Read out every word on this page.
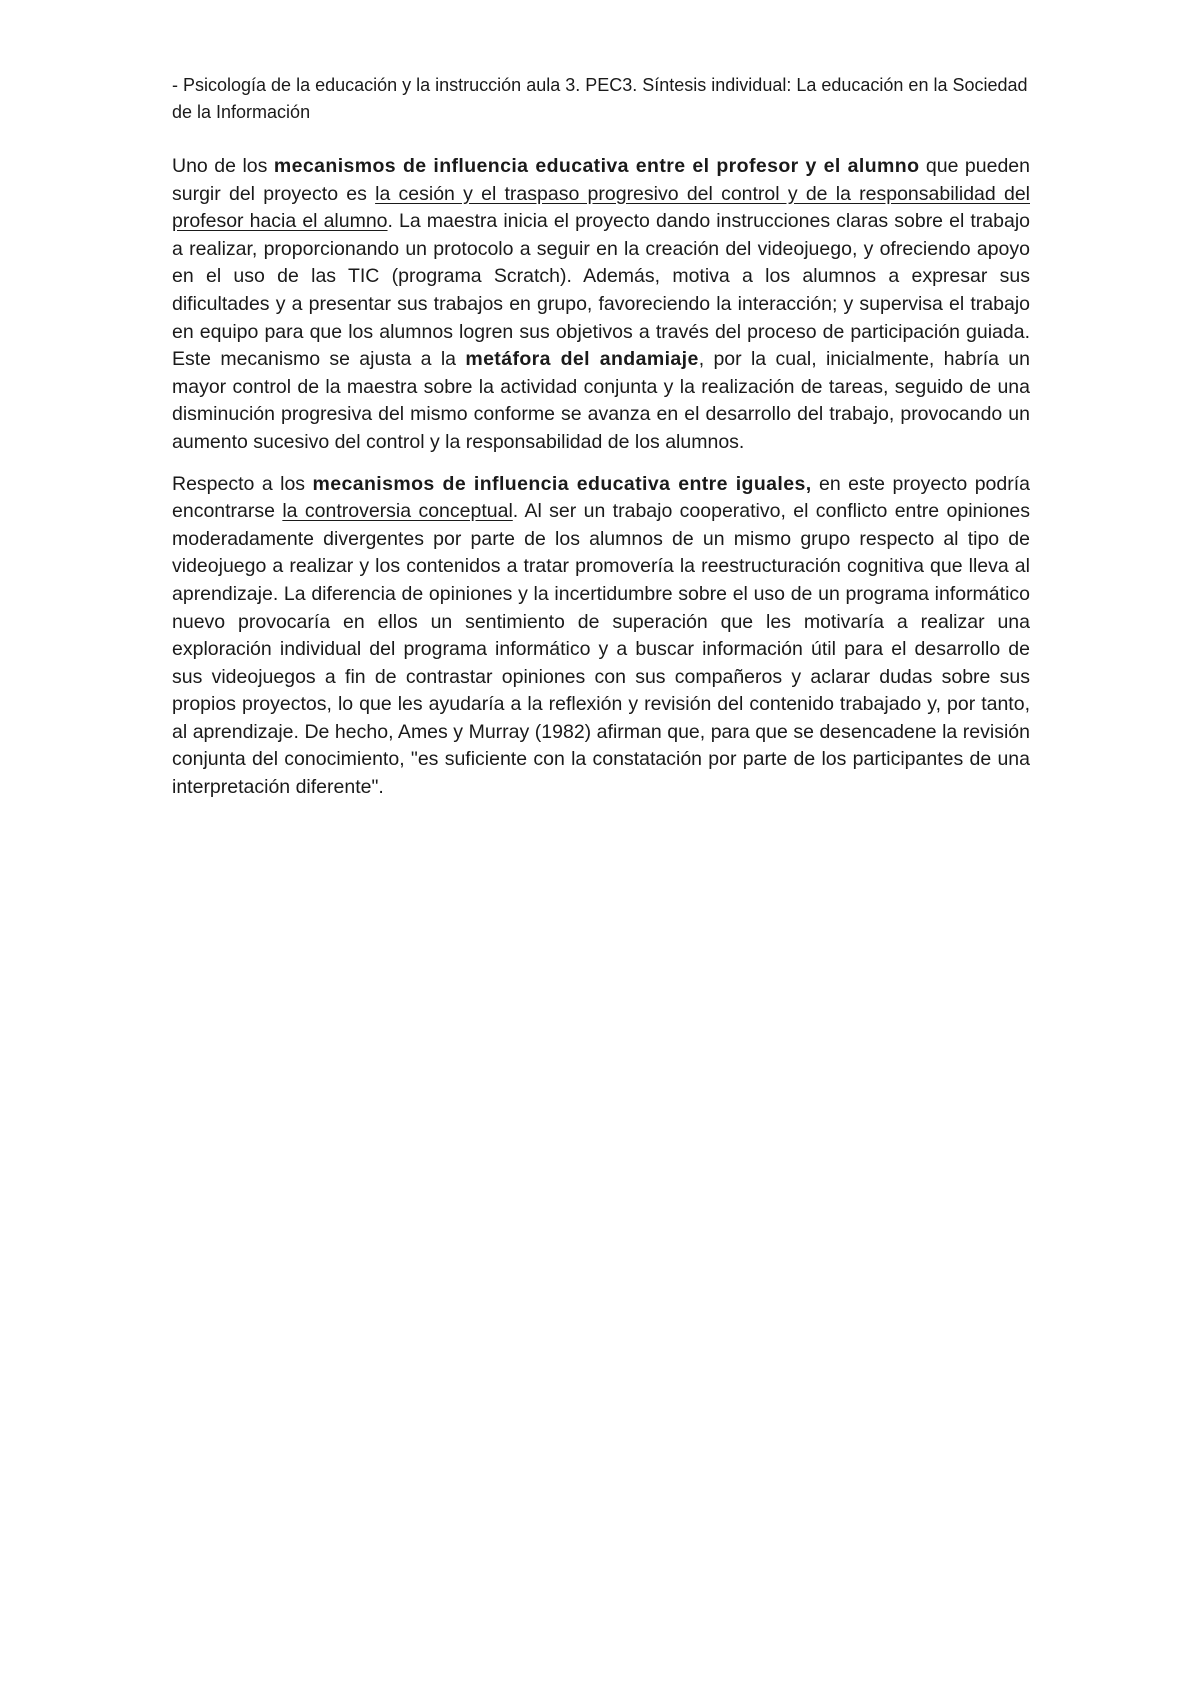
- Psicología de la educación y la instrucción aula 3. PEC3. Síntesis individual: La educación en la Sociedad de la Información

Uno de los mecanismos de influencia educativa entre el profesor y el alumno que pueden surgir del proyecto es la cesión y el traspaso progresivo del control y de la responsabilidad del profesor hacia el alumno. La maestra inicia el proyecto dando instrucciones claras sobre el trabajo a realizar, proporcionando un protocolo a seguir en la creación del videojuego, y ofreciendo apoyo en el uso de las TIC (programa Scratch). Además, motiva a los alumnos a expresar sus dificultades y a presentar sus trabajos en grupo, favoreciendo la interacción; y supervisa el trabajo en equipo para que los alumnos logren sus objetivos a través del proceso de participación guiada. Este mecanismo se ajusta a la metáfora del andamiaje, por la cual, inicialmente, habría un mayor control de la maestra sobre la actividad conjunta y la realización de tareas, seguido de una disminución progresiva del mismo conforme se avanza en el desarrollo del trabajo, provocando un aumento sucesivo del control y la responsabilidad de los alumnos.

Respecto a los mecanismos de influencia educativa entre iguales, en este proyecto podría encontrarse la controversia conceptual. Al ser un trabajo cooperativo, el conflicto entre opiniones moderadamente divergentes por parte de los alumnos de un mismo grupo respecto al tipo de videojuego a realizar y los contenidos a tratar promovería la reestructuración cognitiva que lleva al aprendizaje. La diferencia de opiniones y la incertidumbre sobre el uso de un programa informático nuevo provocaría en ellos un sentimiento de superación que les motivaría a realizar una exploración individual del programa informático y a buscar información útil para el desarrollo de sus videojuegos a fin de contrastar opiniones con sus compañeros y aclarar dudas sobre sus propios proyectos, lo que les ayudaría a la reflexión y revisión del contenido trabajado y, por tanto, al aprendizaje. De hecho, Ames y Murray (1982) afirman que, para que se desencadene la revisión conjunta del conocimiento, "es suficiente con la constatación por parte de los participantes de una interpretación diferente".
